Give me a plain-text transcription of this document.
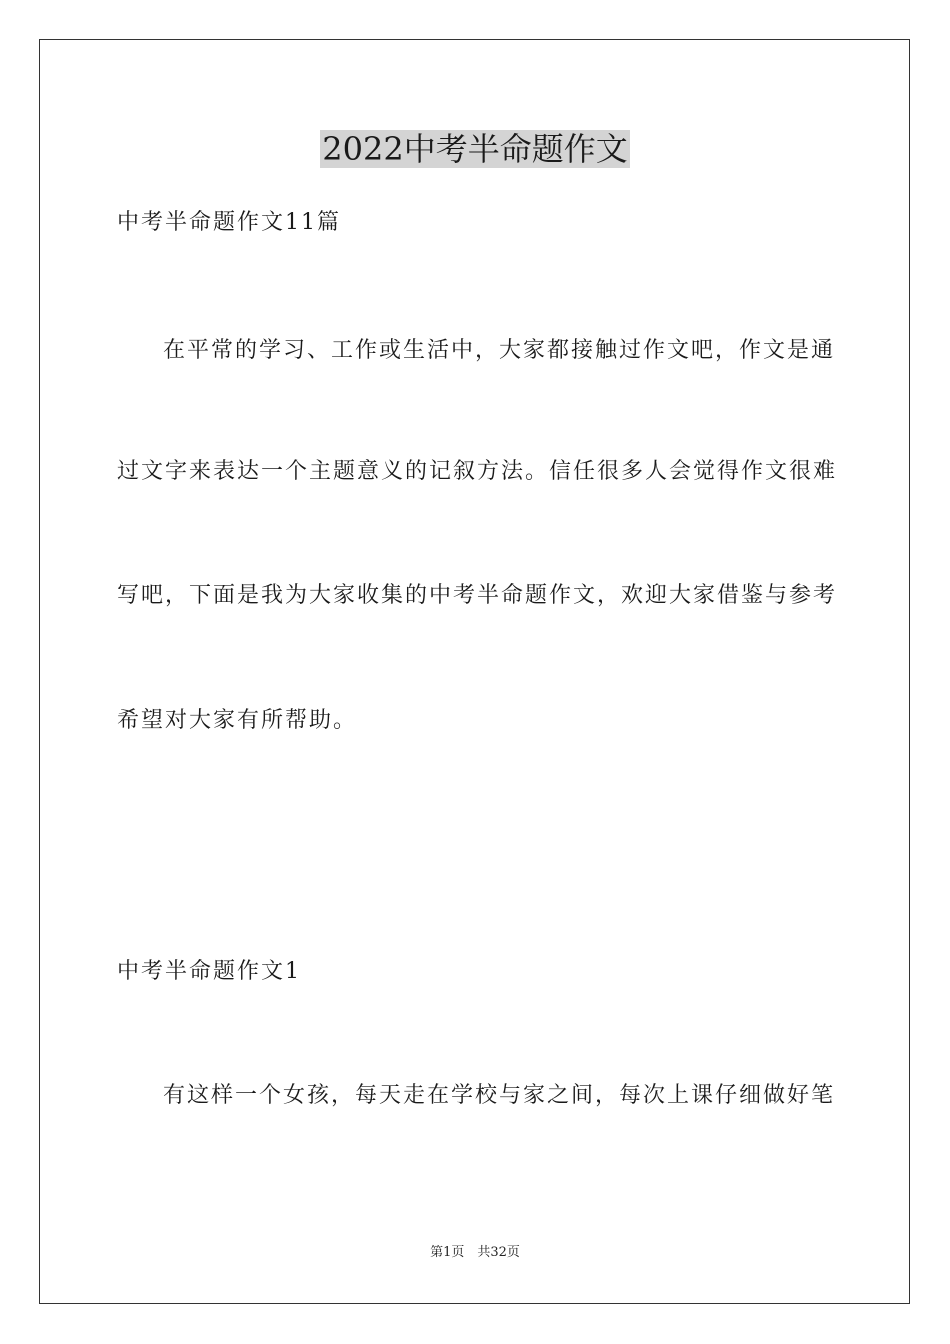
2022中考半命题作文
中考半命题作文11篇
在平常的学习、工作或生活中，大家都接触过作文吧，作文是通
过文字来表达一个主题意义的记叙方法。信任很多人会觉得作文很难
写吧，下面是我为大家收集的中考半命题作文，欢迎大家借鉴与参考
希望对大家有所帮助。
中考半命题作文1
有这样一个女孩，每天走在学校与家之间，每次上课仔细做好笔
第1页　共32页
